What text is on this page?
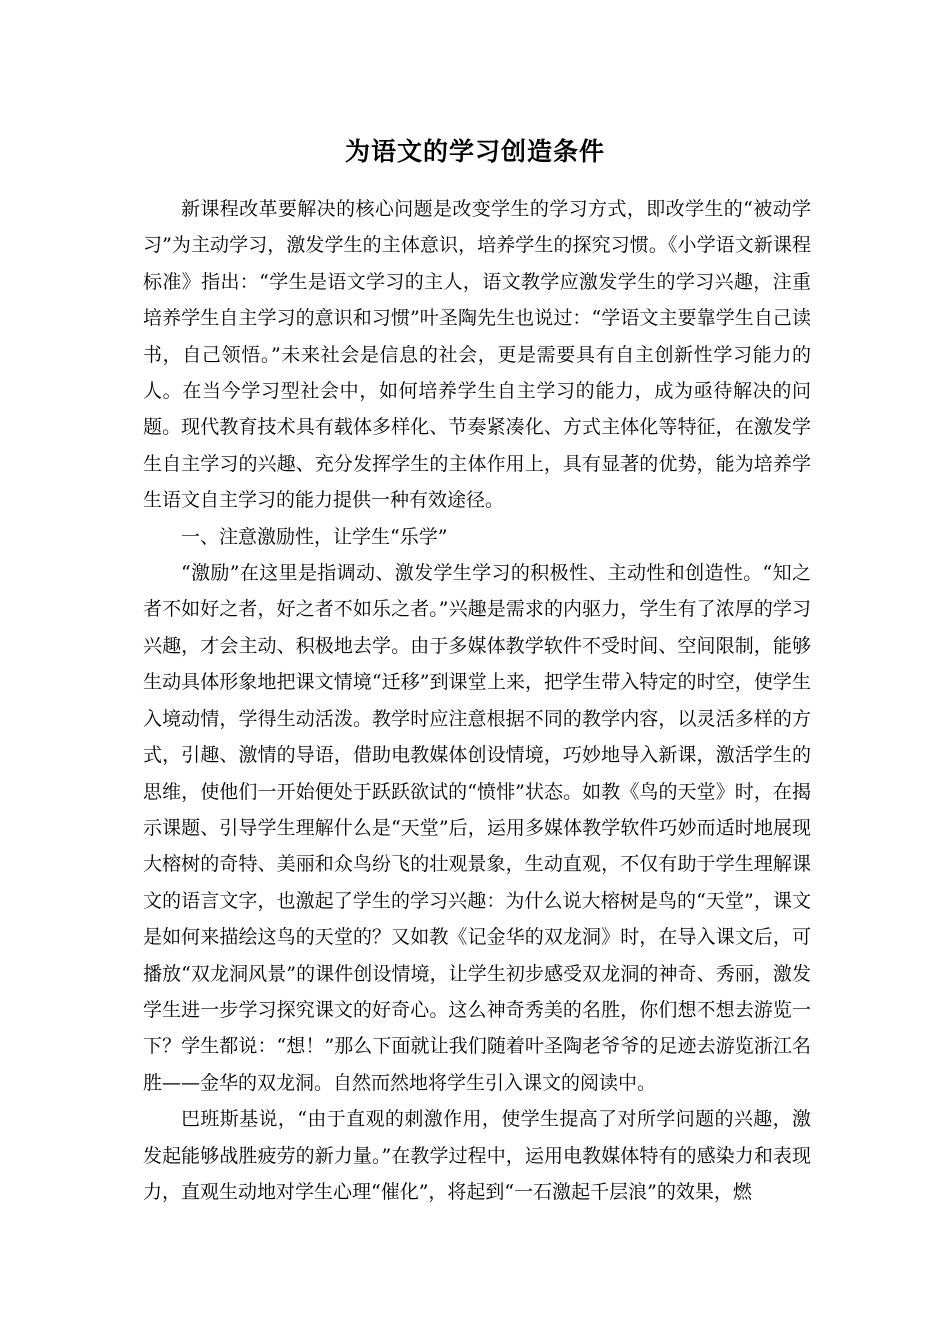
为语文的学习创造条件

新课程改革要解决的核心问题是改变学生的学习方式，即改学生的“被动学习”为主动学习，激发学生的主体意识，培养学生的探究习惯。《小学语文新课程标准》指出：“学生是语文学习的主人，语文教学应激发学生的学习兴趣，注重培养学生自主学习的意识和习惯”叶圣陶先生也说过：“学语文主要靠学生自己读书，自己领悟。”未来社会是信息的社会，更是需要具有自主创新性学习能力的人。在当今学习型社会中，如何培养学生自主学习的能力，成为亟待解决的问题。现代教育技术具有载体多样化、节奏紧凑化、方式主体化等特征，在激发学生自主学习的兴趣、充分发挥学生的主体作用上，具有显著的优势，能为培养学生语文自主学习的能力提供一种有效途径。

一、注意激励性，让学生“乐学”

“激励”在这里是指调动、激发学生学习的积极性、主动性和创造性。“知之者不如好之者，好之者不如乐之者。”兴趣是需求的内驱力，学生有了浓厚的学习兴趣，才会主动、积极地去学。由于多媒体教学软件不受时间、空间限制，能够生动具体形象地把课文情境“迁移”到课堂上来，把学生带入特定的时空，使学生入境动情，学得生动活泼。教学时应注意根据不同的教学内容，以灵活多样的方式，引趣、激情的导语，借助电教媒体创设情境，巧妙地导入新课，激活学生的思维，使他们一开始便处于跃跃欲试的“愤悱”状态。如教《鸟的天堂》时，在揭示课题、引导学生理解什么是“天堂”后，运用多媒体教学软件巧妙而适时地展现大榕树的奇特、美丽和众鸟纷飞的壮观景象，生动直观，不仅有助于学生理解课文的语言文字，也激起了学生的学习兴趣：为什么说大榕树是鸟的“天堂”，课文是如何来描绘这鸟的天堂的？又如教《记金华的双龙洞》时，在导入课文后，可播放“双龙洞风景”的课件创设情境，让学生初步感受双龙洞的神奇、秀丽，激发学生进一步学习探究课文的好奇心。这么神奇秀美的名胜，你们想不想去游览一下？学生都说：“想！”那么下面就让我们随着叶圣陶老爷爷的足迹去游览浙江名胜——金华的双龙洞。自然而然地将学生引入课文的阅读中。

巴班斯基说，“由于直观的刺激作用，使学生提高了对所学问题的兴趣，激发起能够战胜疲劳的新力量。”在教学过程中，运用电教媒体特有的感染力和表现力，直观生动地对学生心理“催化”，将起到“一石激起千层浪”的效果，燃
